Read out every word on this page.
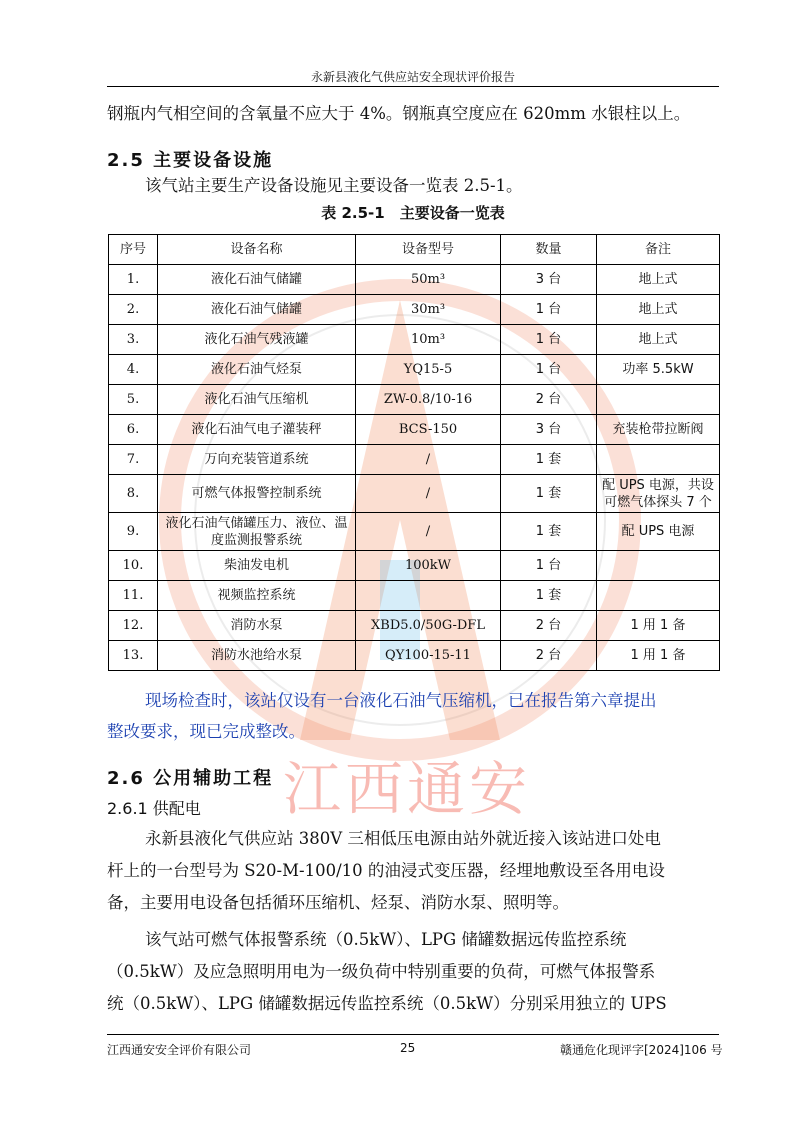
江西通安
永新县液化气供应站安全现状评价报告
钢瓶内气相空间的含氧量不应大于 4%。钢瓶真空度应在 620mm 水银柱以上。
2.5 主要设备设施
该气站主要生产设备设施见主要设备一览表 2.5-1。
表 2.5-1　主要设备一览表
序号	设备名称	设备型号	数量	备注
1.	液化石油气储罐	50m³	3 台	地上式
2.	液化石油气储罐	30m³	1 台	地上式
3.	液化石油气残液罐	10m³	1 台	地上式
4.	液化石油气烃泵	YQ15-5	1 台	功率 5.5kW
5.	液化石油气压缩机	ZW-0.8/10-16	2 台	
6.	液化石油气电子灌装秤	BCS-150	3 台	充装枪带拉断阀
7.	万向充装管道系统	/	1 套	
8.	可燃气体报警控制系统	/	1 套	配 UPS 电源，共设可燃气体探头 7 个
9.	液化石油气储罐压力、液位、温度监测报警系统	/	1 套	配 UPS 电源
10.	柴油发电机	100kW	1 台	
11.	视频监控系统		1 套	
12.	消防水泵	XBD5.0/50G-DFL	2 台	1 用 1 备
13.	消防水池给水泵	QY100-15-11	2 台	1 用 1 备
现场检查时，该站仅设有一台液化石油气压缩机，已在报告第六章提出
整改要求，现已完成整改。
2.6 公用辅助工程
2.6.1 供配电
永新县液化气供应站 380V 三相低压电源由站外就近接入该站进口处电
杆上的一台型号为 S20-M-100/10 的油浸式变压器，经埋地敷设至各用电设
备，主要用电设备包括循环压缩机、烃泵、消防水泵、照明等。
该气站可燃气体报警系统（0.5kW）、LPG 储罐数据远传监控系统
（0.5kW）及应急照明用电为一级负荷中特别重要的负荷，可燃气体报警系
统（0.5kW）、LPG 储罐数据远传监控系统（0.5kW）分别采用独立的 UPS
江西通安安全评价有限公司	25	赣通危化现评字[2024]106 号
